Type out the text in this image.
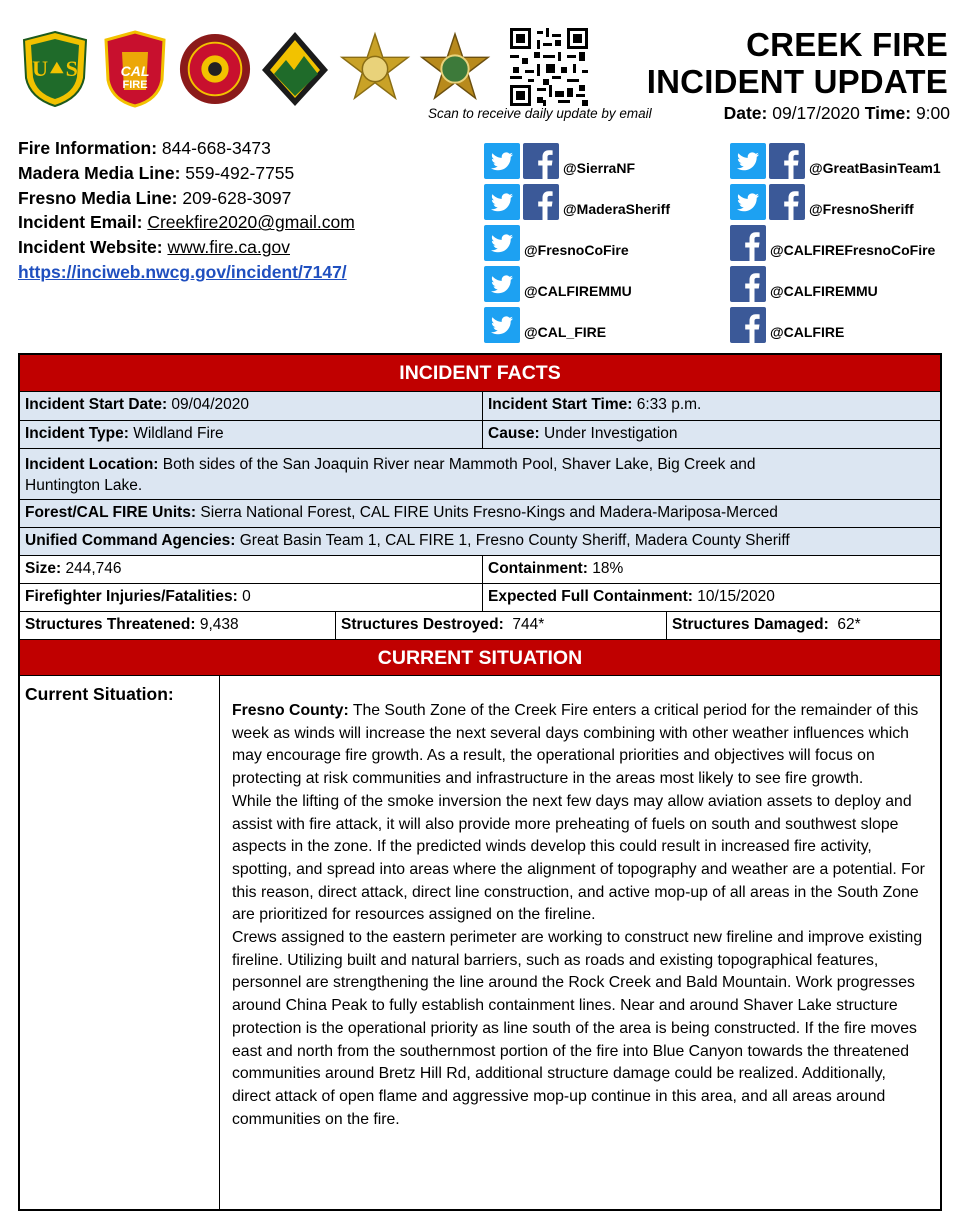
U⯅S	CAL
FIRE
Scan to receive daily update by email
CREEK FIRE
INCIDENT UPDATE
Date: 09/17/2020 Time: 9:00
Fire Information: 844-668-3473
Madera Media Line: 559-492-7755
Fresno Media Line: 209-628-3097
Incident Email: Creekfire2020@gmail.com
Incident Website: www.fire.ca.gov
https://inciweb.nwcg.gov/incident/7147/
@SierraNF
@MaderaSheriff
@FresnoCoFire
@CALFIREMMU
@CAL_FIRE
@GreatBasinTeam1
@FresnoSheriff
@CALFIREFresnoCoFire
@CALFIREMMU
@CALFIRE
INCIDENT FACTS
Incident Start Date: 09/04/2020	Incident Start Time: 6:33 p.m.
Incident Type: Wildland Fire	Cause: Under Investigation
Incident Location: Both sides of the San Joaquin River near Mammoth Pool, Shaver Lake, Big Creek and Huntington Lake.
Forest/CAL FIRE Units: Sierra National Forest, CAL FIRE Units Fresno-Kings and Madera-Mariposa-Merced
Unified Command Agencies: Great Basin Team 1, CAL FIRE 1, Fresno County Sheriff, Madera County Sheriff
Size: 244,746	Containment: 18%
Firefighter Injuries/Fatalities: 0	Expected Full Containment: 10/15/2020
Structures Threatened: 9,438	Structures Destroyed: 744*	Structures Damaged: 62*
CURRENT SITUATION
Current Situation:

Fresno County: The South Zone of the Creek Fire enters a critical period for the remainder of this week as winds will increase the next several days combining with other weather influences which may encourage fire growth. As a result, the operational priorities and objectives will focus on protecting at risk communities and infrastructure in the areas most likely to see fire growth.

While the lifting of the smoke inversion the next few days may allow aviation assets to deploy and assist with fire attack, it will also provide more preheating of fuels on south and southwest slope aspects in the zone. If the predicted winds develop this could result in increased fire activity, spotting, and spread into areas where the alignment of topography and weather are a potential. For this reason, direct attack, direct line construction, and active mop-up of all areas in the South Zone are prioritized for resources assigned on the fireline.

Crews assigned to the eastern perimeter are working to construct new fireline and improve existing fireline. Utilizing built and natural barriers, such as roads and existing topographical features, personnel are strengthening the line around the Rock Creek and Bald Mountain. Work progresses around China Peak to fully establish containment lines. Near and around Shaver Lake structure protection is the operational priority as line south of the area is being constructed. If the fire moves east and north from the southernmost portion of the fire into Blue Canyon towards the threatened communities around Bretz Hill Rd, additional structure damage could be realized. Additionally, direct attack of open flame and aggressive mop-up continue in this area, and all areas around communities on the fire.
